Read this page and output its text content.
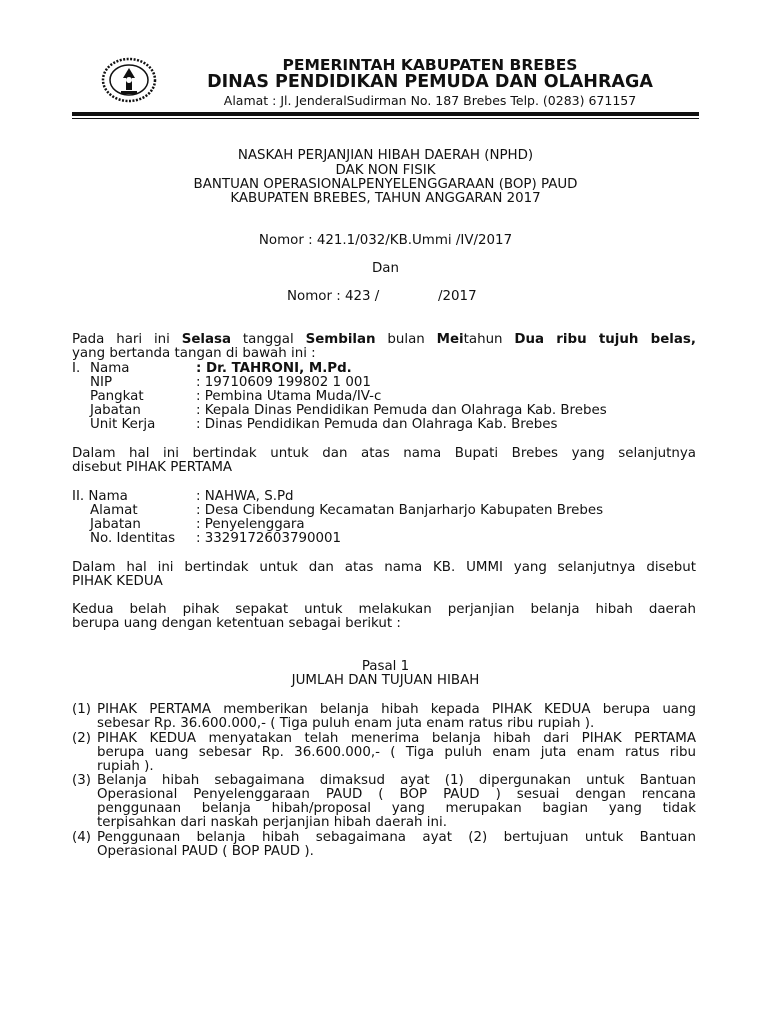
PEMERINTAH KABUPATEN BREBES
DINAS PENDIDIKAN PEMUDA DAN OLAHRAGA
Alamat : Jl. JenderalSudirman No. 187 Brebes Telp. (0283) 671157
NASKAH PERJANJIAN HIBAH DAERAH (NPHD)
DAK NON FISIK
BANTUAN OPERASIONALPENYELENGGARAAN (BOP) PAUD
KABUPATEN BREBES, TAHUN ANGGARAN 2017
Nomor : 421.1/032/KB.Ummi /IV/2017
Dan
Nomor : 423 /	/2017
Pada hari ini Selasa tanggal Sembilan bulan Meitahun Dua ribu tujuh belas,
yang bertanda tangan di bawah ini :
I. Nama	: Dr. TAHRONI, M.Pd.
NIP	: 19710609 199802 1 001
Pangkat	: Pembina Utama Muda/IV-c
Jabatan	: Kepala Dinas Pendidikan Pemuda dan Olahraga Kab. Brebes
Unit Kerja	: Dinas Pendidikan Pemuda dan Olahraga Kab. Brebes
Dalam hal ini bertindak untuk dan atas nama Bupati Brebes yang selanjutnya
disebut PIHAK PERTAMA
II. Nama	: NAHWA, S.Pd
Alamat	: Desa Cibendung Kecamatan Banjarharjo Kabupaten Brebes
Jabatan	: Penyelenggara
No. Identitas : 3329172603790001
Dalam hal ini bertindak untuk dan atas nama KB. UMMI yang selanjutnya disebut
PIHAK KEDUA
Kedua belah pihak sepakat untuk melakukan perjanjian belanja hibah daerah
berupa uang dengan ketentuan sebagai berikut :
Pasal 1
JUMLAH DAN TUJUAN HIBAH
(1) PIHAK PERTAMA memberikan belanja hibah kepada PIHAK KEDUA berupa uang
sebesar Rp. 36.600.000,- ( Tiga puluh enam juta enam ratus ribu rupiah ).
(2) PIHAK KEDUA menyatakan telah menerima belanja hibah dari PIHAK PERTAMA
berupa uang sebesar Rp. 36.600.000,- ( Tiga puluh enam juta enam ratus ribu
rupiah ).
(3) Belanja hibah sebagaimana dimaksud ayat (1) dipergunakan untuk Bantuan
Operasional Penyelenggaraan PAUD ( BOP PAUD ) sesuai dengan rencana
penggunaan belanja hibah/proposal yang merupakan bagian yang tidak
terpisahkan dari naskah perjanjian hibah daerah ini.
(4) Penggunaan belanja hibah sebagaimana ayat (2) bertujuan untuk Bantuan
Operasional PAUD ( BOP PAUD ).
